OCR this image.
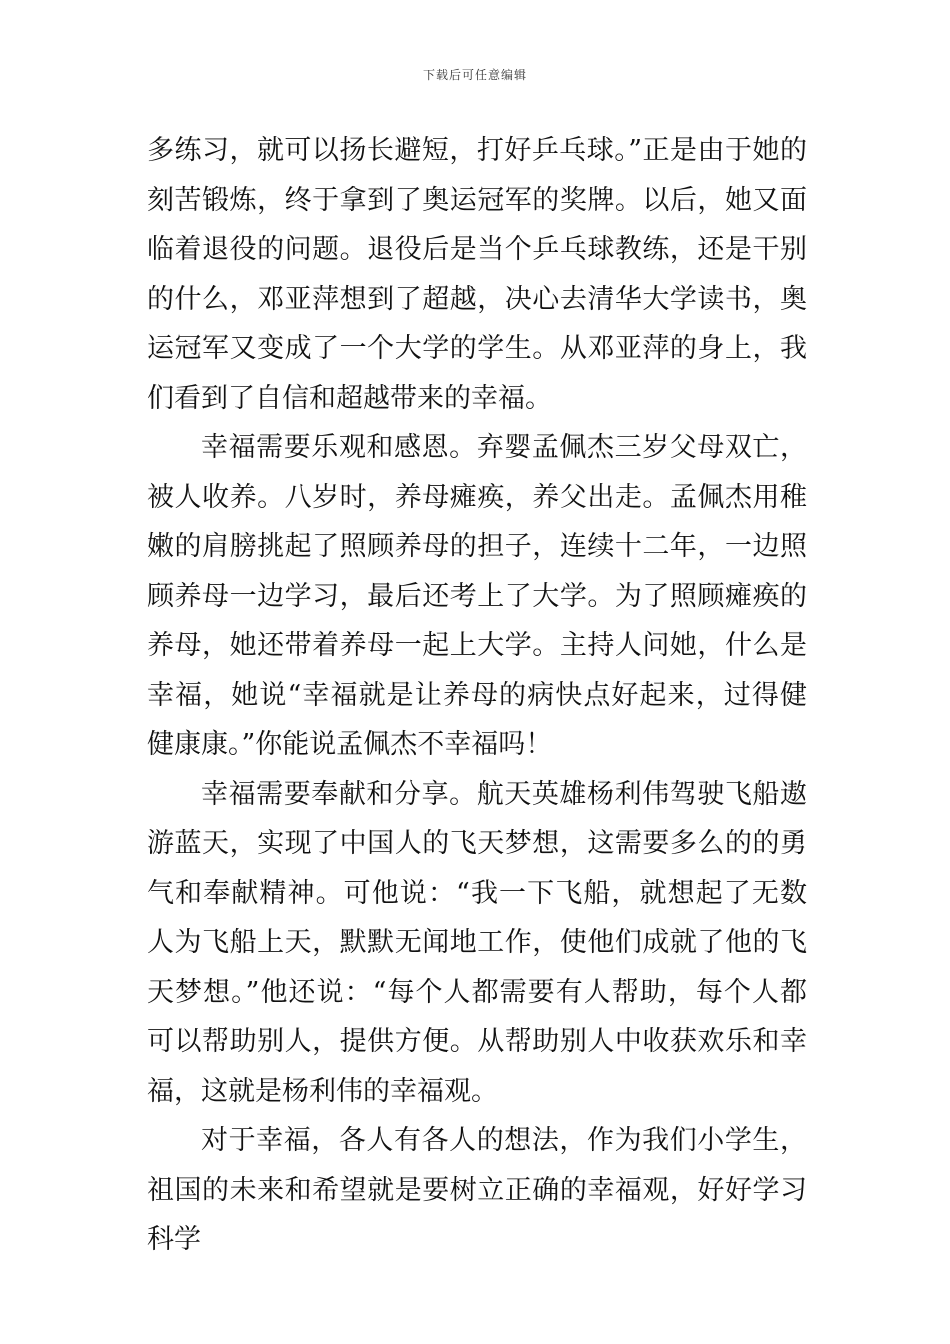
下载后可任意编辑

多练习，就可以扬长避短，打好乒乓球。”正是由于她的刻苦锻炼，终于拿到了奥运冠军的奖牌。以后，她又面临着退役的问题。退役后是当个乒乓球教练，还是干别的什么，邓亚萍想到了超越，决心去清华大学读书，奥运冠军又变成了一个大学的学生。从邓亚萍的身上，我们看到了自信和超越带来的幸福。

幸福需要乐观和感恩。弃婴孟佩杰三岁父母双亡，被人收养。八岁时，养母瘫痪，养父出走。孟佩杰用稚嫩的肩膀挑起了照顾养母的担子，连续十二年，一边照顾养母一边学习，最后还考上了大学。为了照顾瘫痪的养母，她还带着养母一起上大学。主持人问她，什么是幸福，她说“幸福就是让养母的病快点好起来，过得健健康康。”你能说孟佩杰不幸福吗！

幸福需要奉献和分享。航天英雄杨利伟驾驶飞船遨游蓝天，实现了中国人的飞天梦想，这需要多么的的勇气和奉献精神。可他说：“我一下飞船，就想起了无数人为飞船上天，默默无闻地工作，使他们成就了他的飞天梦想。”他还说：“每个人都需要有人帮助，每个人都可以帮助别人，提供方便。从帮助别人中收获欢乐和幸福，这就是杨利伟的幸福观。

对于幸福，各人有各人的想法，作为我们小学生，祖国的未来和希望就是要树立正确的幸福观，好好学习科学
